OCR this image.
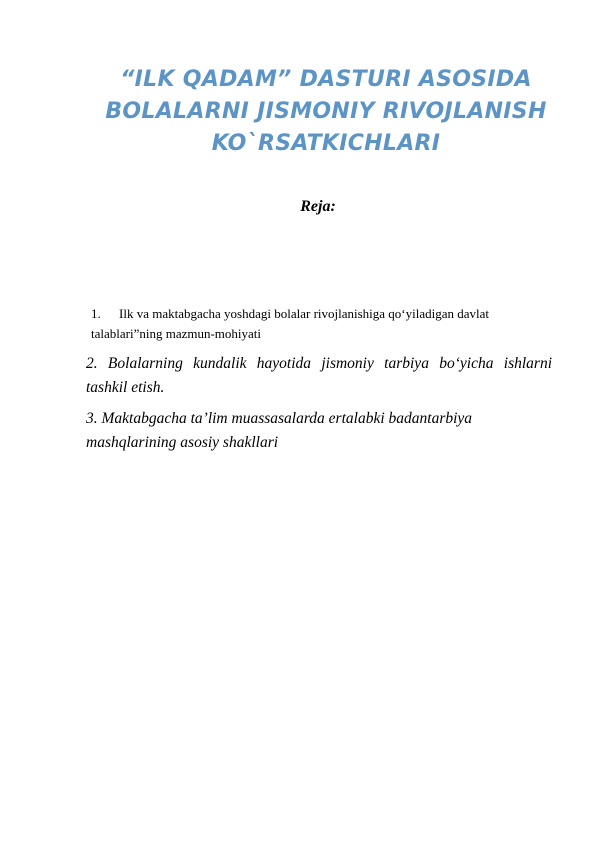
“ILK QADAM” DASTURI ASOSIDA BOLALARNI JISMONIY RIVOJLANISH KO`RSATKICHLARI

Reja:

1. Ilk va maktabgacha yoshdagi bolalar rivojlanishiga qo‘yiladigan davlat talablari”ning mazmun-mohiyati
2. Bolalarning kundalik hayotida jismoniy tarbiya bo‘yicha ishlarni tashkil etish.
3. Maktabgacha ta’lim muassasalarda ertalabki badantarbiya mashqlarining asosiy shakllari
